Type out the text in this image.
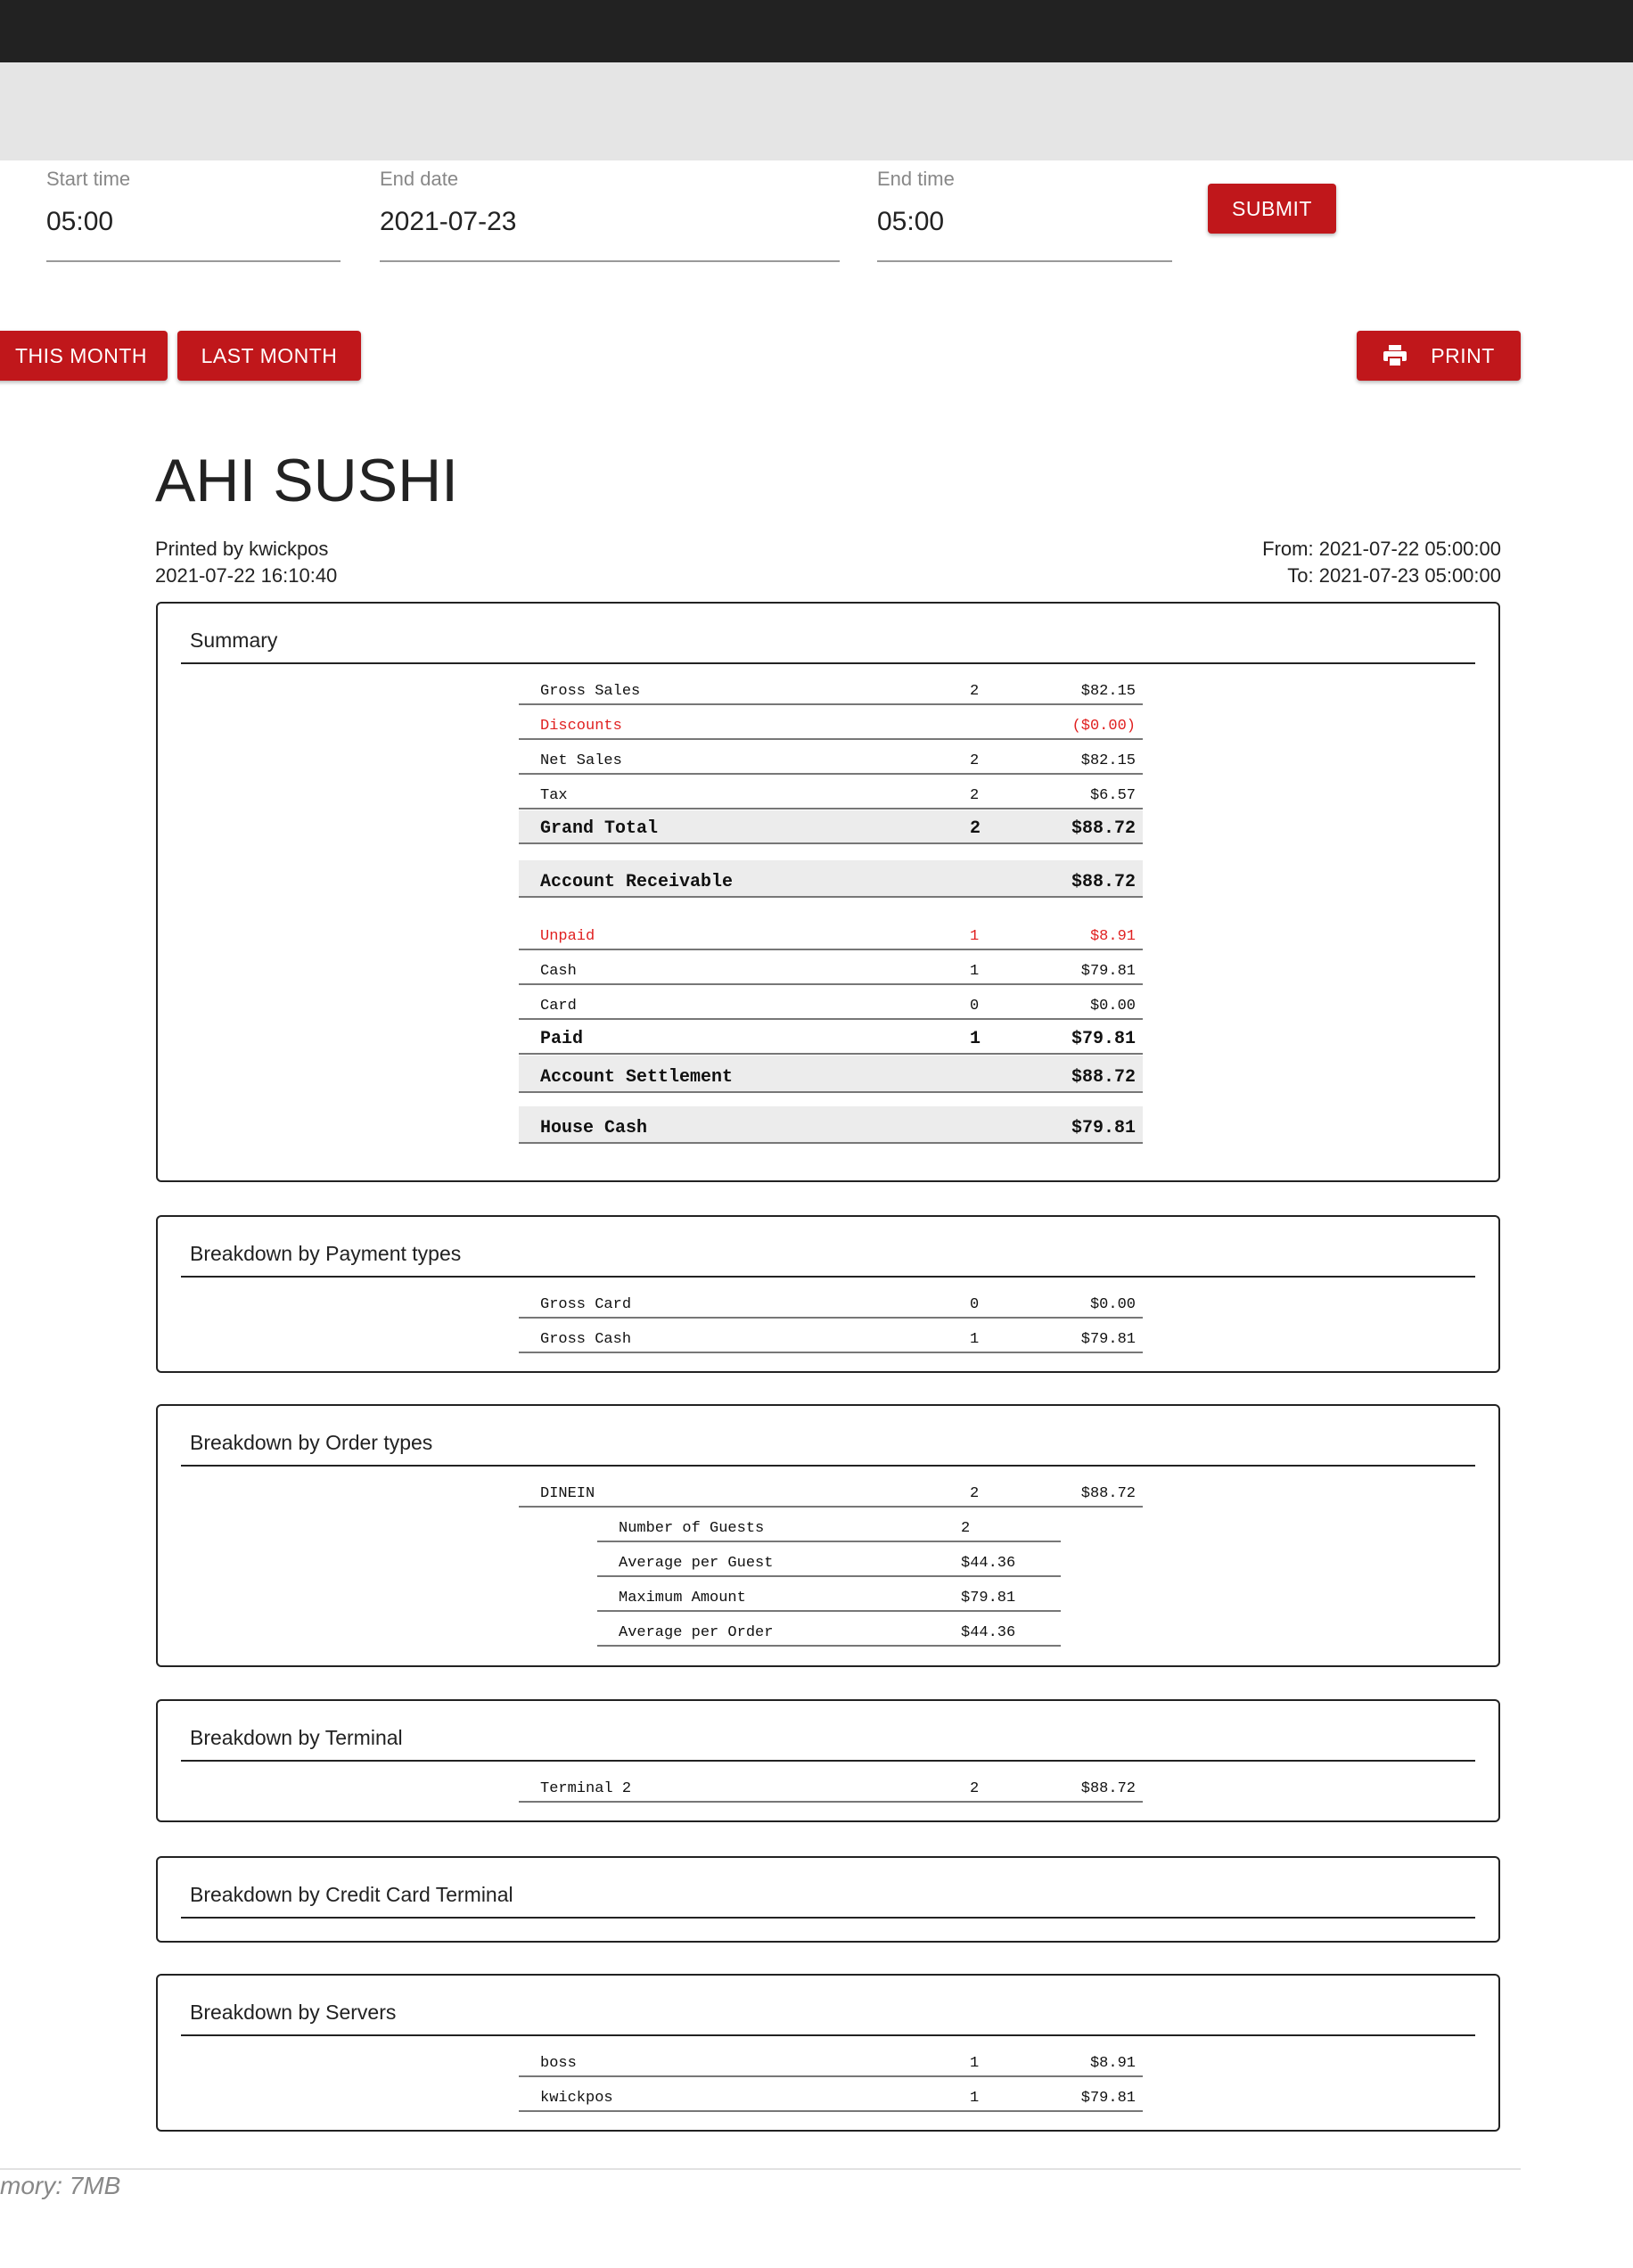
Start time
05:00
End date
2021-07-23
End time
05:00	SUBMIT
THIS MONTH	LAST MONTH	PRINT
AHI SUSHI
Printed by kwickpos
2021-07-22 16:10:40
From: 2021-07-22 05:00:00
To: 2021-07-23 05:00:00
Summary
Gross Sales	2	$82.15
Discounts	($0.00)
Net Sales	2	$82.15
Tax	2	$6.57
Grand Total	2	$88.72
Account Receivable	$88.72
Unpaid	1	$8.91
Cash	1	$79.81
Card	0	$0.00
Paid	1	$79.81
Account Settlement	$88.72
House Cash	$79.81
Breakdown by Payment types
Gross Card	0	$0.00
Gross Cash	1	$79.81
Breakdown by Order types
DINEIN	2	$88.72
Number of Guests	2
Average per Guest	$44.36
Maximum Amount	$79.81
Average per Order	$44.36
Breakdown by Terminal
Terminal 2	2	$88.72
Breakdown by Credit Card Terminal
Breakdown by Servers
boss	1	$8.91
kwickpos	1	$79.81
mory: 7MB
